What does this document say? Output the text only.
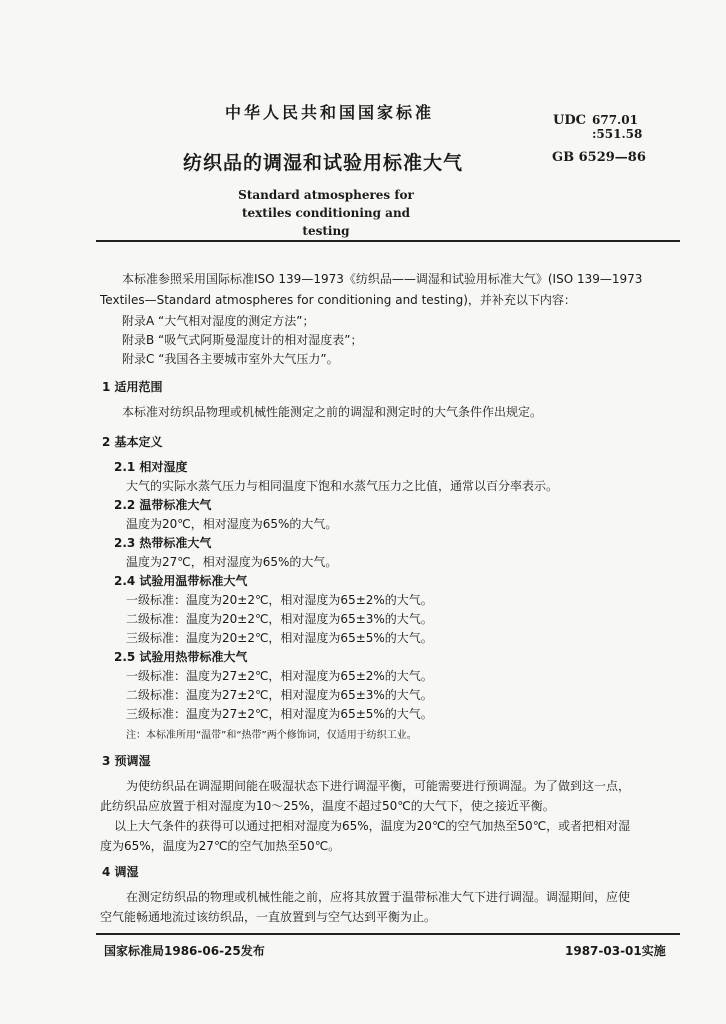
中华人民共和国国家标准	UDC 677.01
:551.58
纺织品的调湿和试验用标准大气	GB 6529—86
Standard atmospheres for
textiles conditioning and testing
本标准参照采用国际标准ISO 139—1973《纺织品——调湿和试验用标准大气》(ISO 139—1973
Textiles—Standard atmospheres for conditioning and testing)，并补充以下内容：
附录A “大气相对湿度的测定方法”；
附录B “吸气式阿斯曼湿度计的相对湿度表”；
附录C “我国各主要城市室外大气压力”。
1 适用范围
本标准对纺织品物理或机械性能测定之前的调湿和测定时的大气条件作出规定。
2 基本定义
2.1 相对湿度
大气的实际水蒸气压力与相同温度下饱和水蒸气压力之比值，通常以百分率表示。
2.2 温带标准大气
温度为20℃，相对湿度为65%的大气。
2.3 热带标准大气
温度为27℃，相对湿度为65%的大气。
2.4 试验用温带标准大气
一级标准：温度为20±2℃，相对湿度为65±2%的大气。
二级标准：温度为20±2℃，相对湿度为65±3%的大气。
三级标准：温度为20±2℃，相对湿度为65±5%的大气。
2.5 试验用热带标准大气
一级标准：温度为27±2℃，相对湿度为65±2%的大气。
二级标准：温度为27±2℃，相对湿度为65±3%的大气。
三级标准：温度为27±2℃，相对湿度为65±5%的大气。
注：本标准所用“温带”和“热带”两个修饰词，仅适用于纺织工业。
3 预调湿
为使纺织品在调湿期间能在吸湿状态下进行调湿平衡，可能需要进行预调湿。为了做到这一点，
此纺织品应放置于相对湿度为10～25%，温度不超过50℃的大气下，使之接近平衡。
以上大气条件的获得可以通过把相对湿度为65%，温度为20℃的空气加热至50℃，或者把相对湿
度为65%，温度为27℃的空气加热至50℃。
4 调湿
在测定纺织品的物理或机械性能之前，应将其放置于温带标准大气下进行调湿。调湿期间，应使
空气能畅通地流过该纺织品，一直放置到与空气达到平衡为止。
国家标准局1986-06-25发布	1987-03-01实施
